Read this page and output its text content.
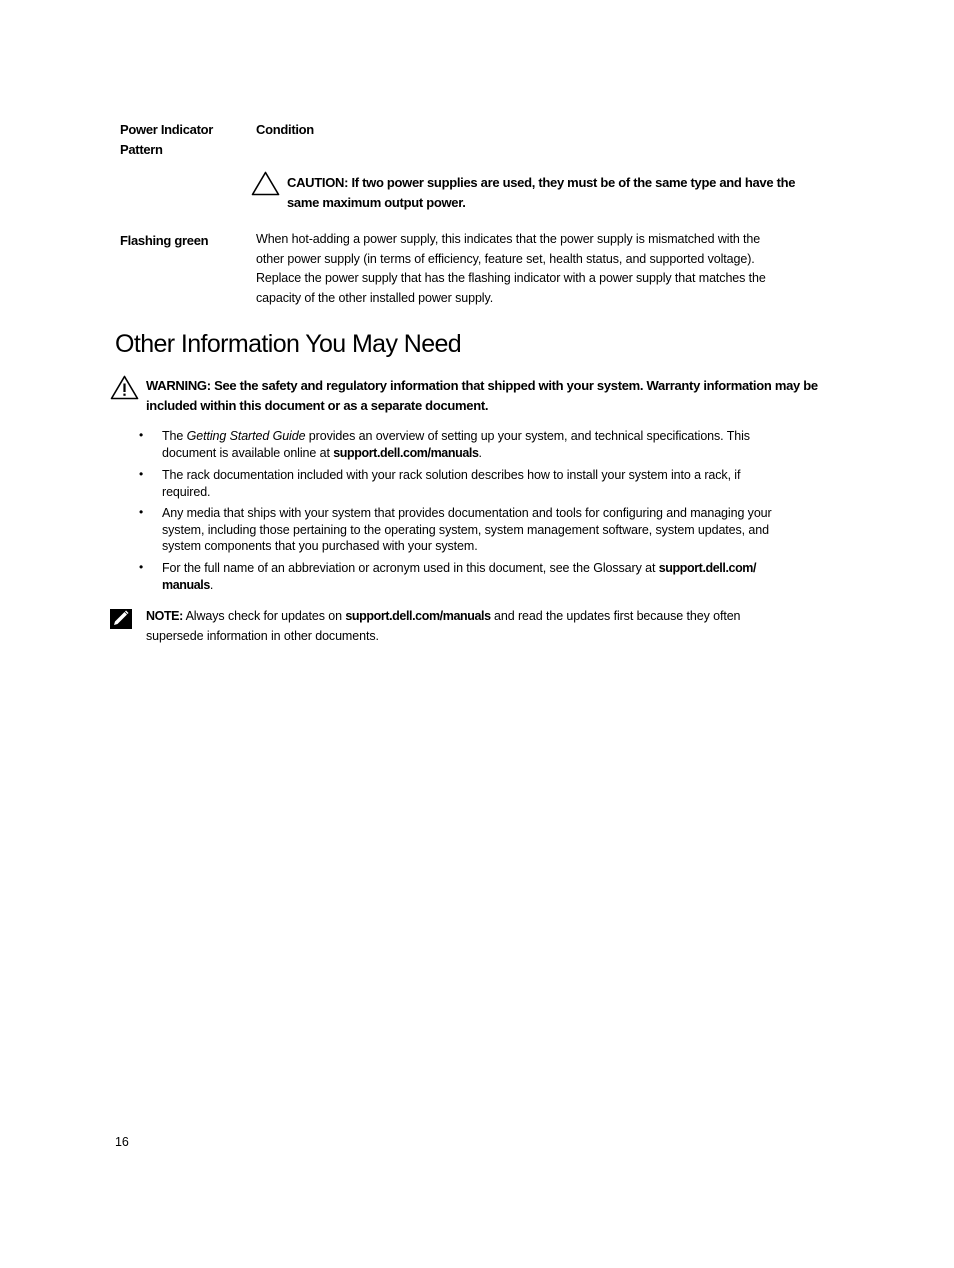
Power Indicator
Pattern
Condition
CAUTION: If two power supplies are used, they must be of the same type and have the
same maximum output power.
Flashing green	When hot-adding a power supply, this indicates that the power supply is mismatched with the
other power supply (in terms of efficiency, feature set, health status, and supported voltage).
Replace the power supply that has the flashing indicator with a power supply that matches the
capacity of the other installed power supply.
Other Information You May Need
WARNING: See the safety and regulatory information that shipped with your system. Warranty information may be
included within this document or as a separate document.
• The Getting Started Guide provides an overview of setting up your system, and technical specifications. This
document is available online at support.dell.com/manuals.
• The rack documentation included with your rack solution describes how to install your system into a rack, if
required.
• Any media that ships with your system that provides documentation and tools for configuring and managing your
system, including those pertaining to the operating system, system management software, system updates, and
system components that you purchased with your system.
• For the full name of an abbreviation or acronym used in this document, see the Glossary at support.dell.com/
manuals.
NOTE: Always check for updates on support.dell.com/manuals and read the updates first because they often
supersede information in other documents.
16
